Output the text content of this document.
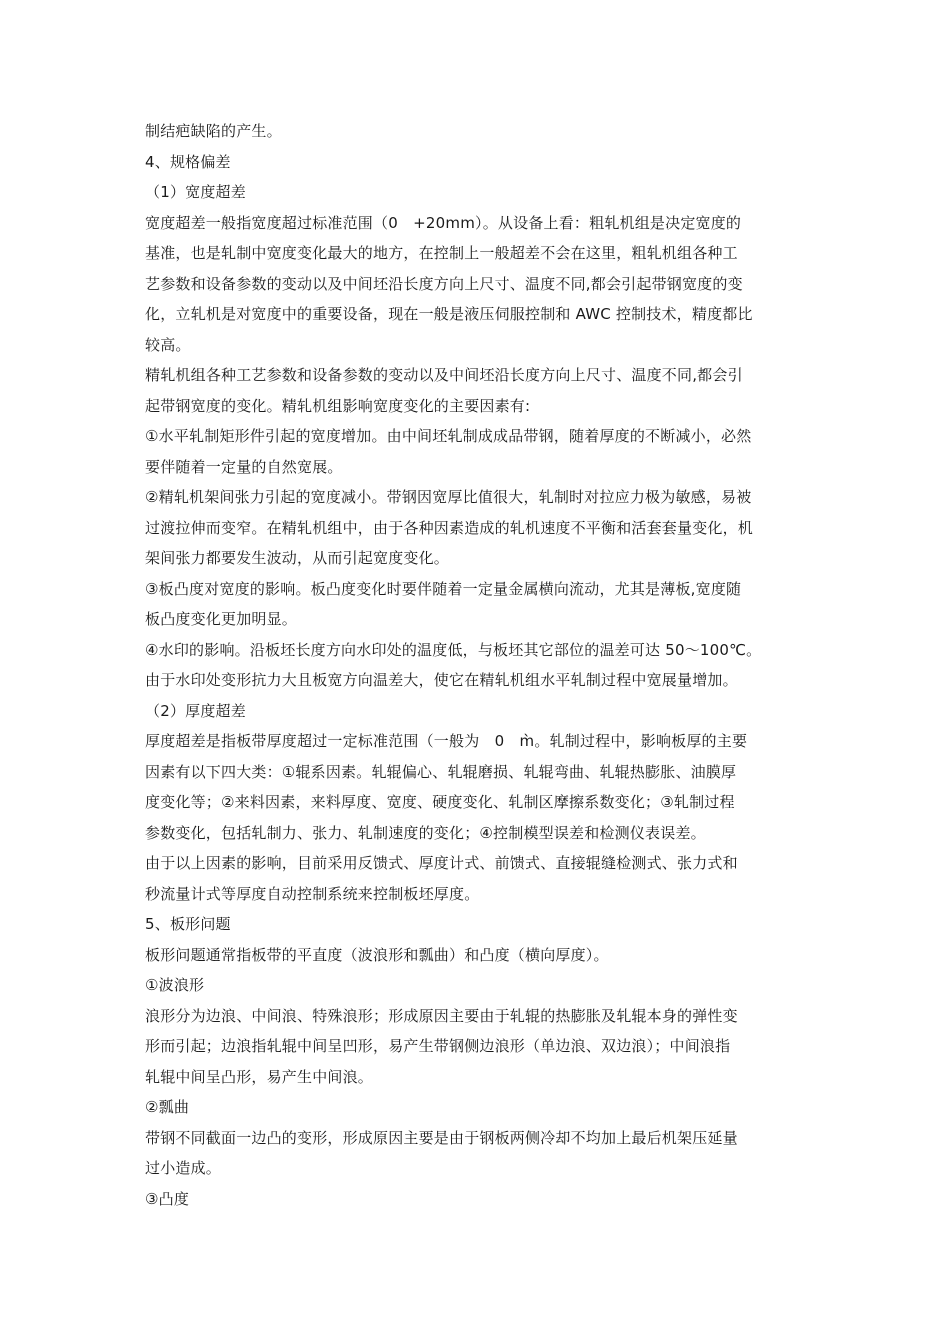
制结疤缺陷的产生。
4、规格偏差
（1）宽度超差
宽度超差一般指宽度超过标准范围（0　+20mm）。从设备上看：粗轧机组是决定宽度的
基准，也是轧制中宽度变化最大的地方，在控制上一般超差不会在这里，粗轧机组各种工
艺参数和设备参数的变动以及中间坯沿长度方向上尺寸、温度不同,都会引起带钢宽度的变
化，立轧机是对宽度中的重要设备，现在一般是液压伺服控制和 AWC 控制技术，精度都比
较高。
精轧机组各种工艺参数和设备参数的变动以及中间坯沿长度方向上尺寸、温度不同,都会引
起带钢宽度的变化。精轧机组影响宽度变化的主要因素有:
①水平轧制矩形件引起的宽度增加。由中间坯轧制成成品带钢，随着厚度的不断减小，必然
要伴随着一定量的自然宽展。
②精轧机架间张力引起的宽度减小。带钢因宽厚比值很大，轧制时对拉应力极为敏感，易被
过渡拉伸而变窄。在精轧机组中，由于各种因素造成的轧机速度不平衡和活套套量变化，机
架间张力都要发生波动，从而引起宽度变化。
③板凸度对宽度的影响。板凸度变化时要伴随着一定量金属横向流动，尤其是薄板,宽度随
板凸度变化更加明显。
④水印的影响。沿板坯长度方向水印处的温度低，与板坯其它部位的温差可达 50～100℃。
由于水印处变形抗力大且板宽方向温差大，使它在精轧机组水平轧制过程中宽展量增加。
（2）厚度超差
厚度超差是指板带厚度超过一定标准范围（一般为　0　m̀。轧制过程中，影响板厚的主要
因素有以下四大类：①辊系因素。轧辊偏心、轧辊磨损、轧辊弯曲、轧辊热膨胀、油膜厚
度变化等；②来料因素，来料厚度、宽度、硬度变化、轧制区摩擦系数变化；③轧制过程
参数变化，包括轧制力、张力、轧制速度的变化；④控制模型误差和检测仪表误差。
由于以上因素的影响，目前采用反馈式、厚度计式、前馈式、直接辊缝检测式、张力式和
秒流量计式等厚度自动控制系统来控制板坯厚度。
5、板形问题
板形问题通常指板带的平直度（波浪形和瓢曲）和凸度（横向厚度）。
①波浪形
浪形分为边浪、中间浪、特殊浪形；形成原因主要由于轧辊的热膨胀及轧辊本身的弹性变
形而引起；边浪指轧辊中间呈凹形，易产生带钢侧边浪形（单边浪、双边浪）；中间浪指
轧辊中间呈凸形，易产生中间浪。
②瓢曲
带钢不同截面一边凸的变形，形成原因主要是由于钢板两侧冷却不均加上最后机架压延量
过小造成。
③凸度
